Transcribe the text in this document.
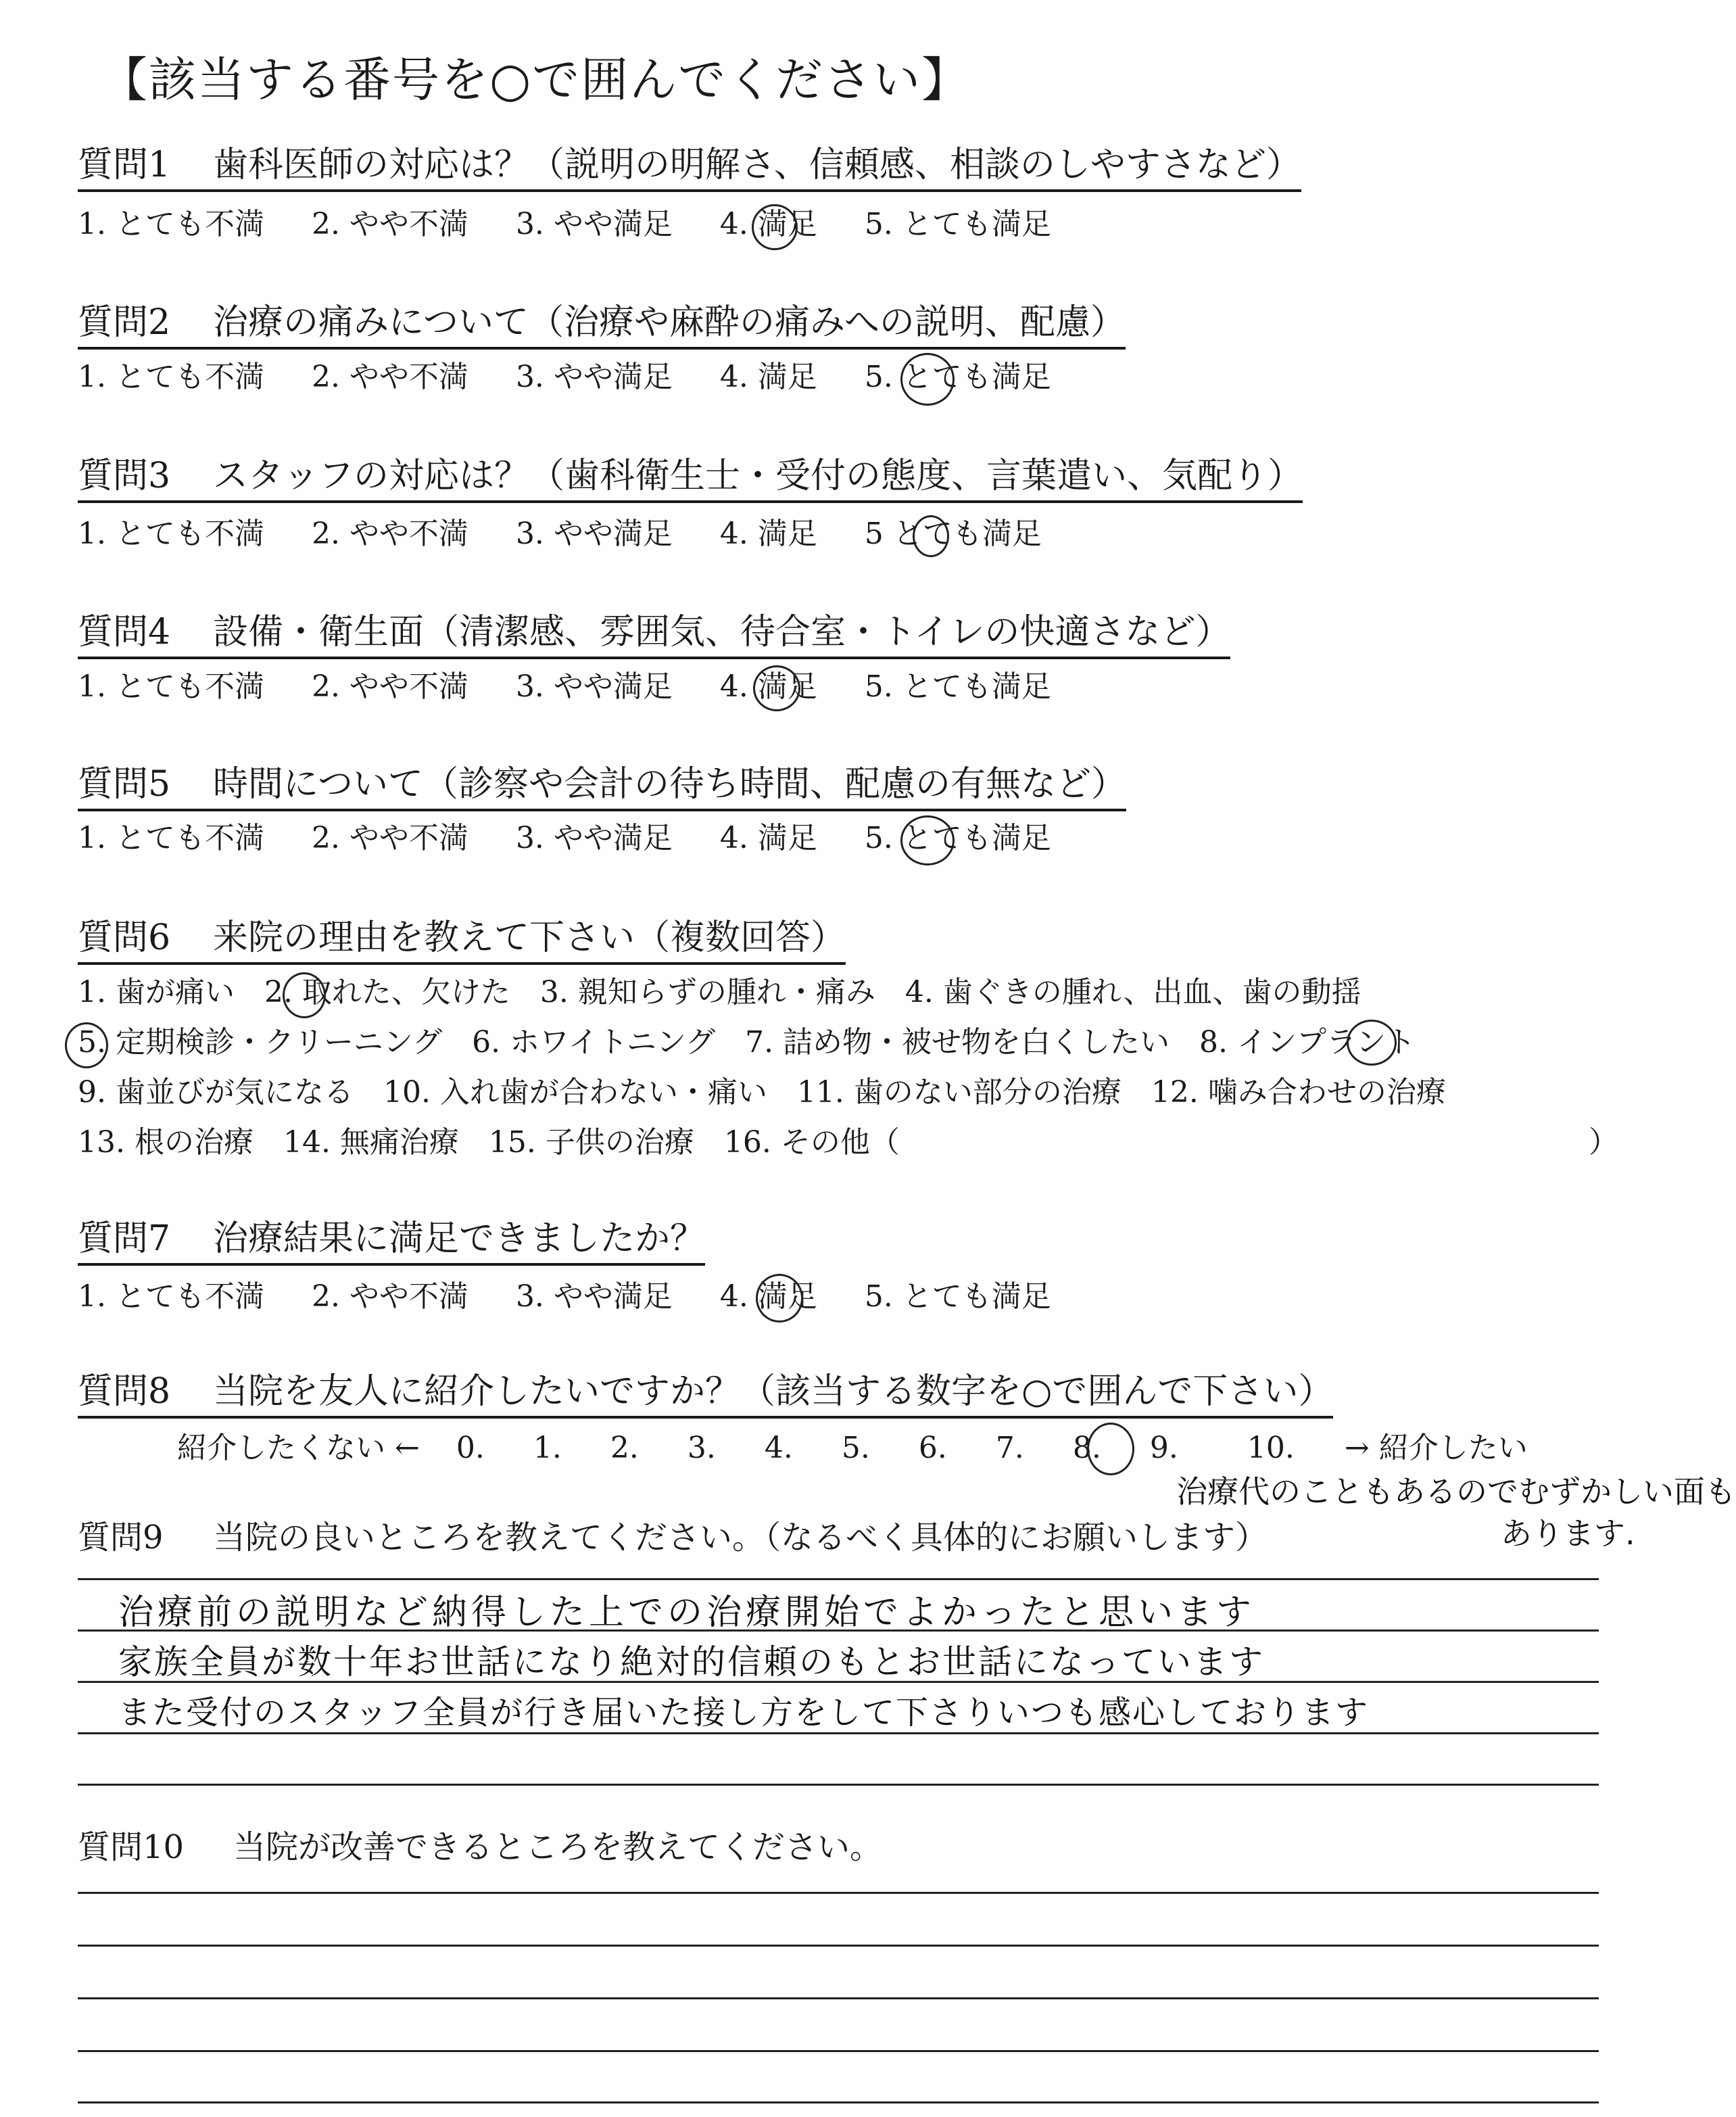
【該当する番号を○で囲んでください】
質問1 歯科医師の対応は？（説明の明解さ、信頼感、相談のしやすさなど）
1. とても不満 2. やや不満 3. やや満足 4. 満足 5. とても満足
質問2 治療の痛みについて（治療や麻酔の痛みへの説明、配慮）
1. とても不満 2. やや不満 3. やや満足 4. 満足 5. とても満足
質問3 スタッフの対応は？（歯科衛生士・受付の態度、言葉遣い、気配り）
1. とても不満 2. やや不満 3. やや満足 4. 満足 5 とても満足
質問4 設備・衛生面（清潔感、雰囲気、待合室・トイレの快適さなど）
1. とても不満 2. やや不満 3. やや満足 4. 満足 5. とても満足
質問5 時間について（診察や会計の待ち時間、配慮の有無など）
1. とても不満 2. やや不満 3. やや満足 4. 満足 5. とても満足
質問6 来院の理由を教えて下さい（複数回答）
1. 歯が痛い　2. 取れた、欠けた　3. 親知らずの腫れ・痛み　4. 歯ぐきの腫れ、出血、歯の動揺
5. 定期検診・クリーニング　6. ホワイトニング　7. 詰め物・被せ物を白くしたい　8. インプラント
9. 歯並びが気になる　10. 入れ歯が合わない・痛い　11. 歯のない部分の治療　12. 噛み合わせの治療
13. 根の治療　14. 無痛治療　15. 子供の治療　16. その他（	）
質問7 治療結果に満足できましたか？
1. とても不満 2. やや不満 3. やや満足 4. 満足 5. とても満足
質問8 当院を友人に紹介したいですか？（該当する数字を○で囲んで下さい）
紹介したくない ← 0. 1. 2. 3. 4. 5. 6. 7. 8. 9. 10. → 紹介したい
治療代のこともあるのでむずかしい面も
あります.
質問9 当院の良いところを教えてください。（なるべく具体的にお願いします）
治療前の説明など納得した上での治療開始でよかったと思います
家族全員が数十年お世話になり絶対的信頼のもとお世話になっています
また受付のスタッフ全員が行き届いた接し方をして下さりいつも感心しております
質問10 当院が改善できるところを教えてください。
